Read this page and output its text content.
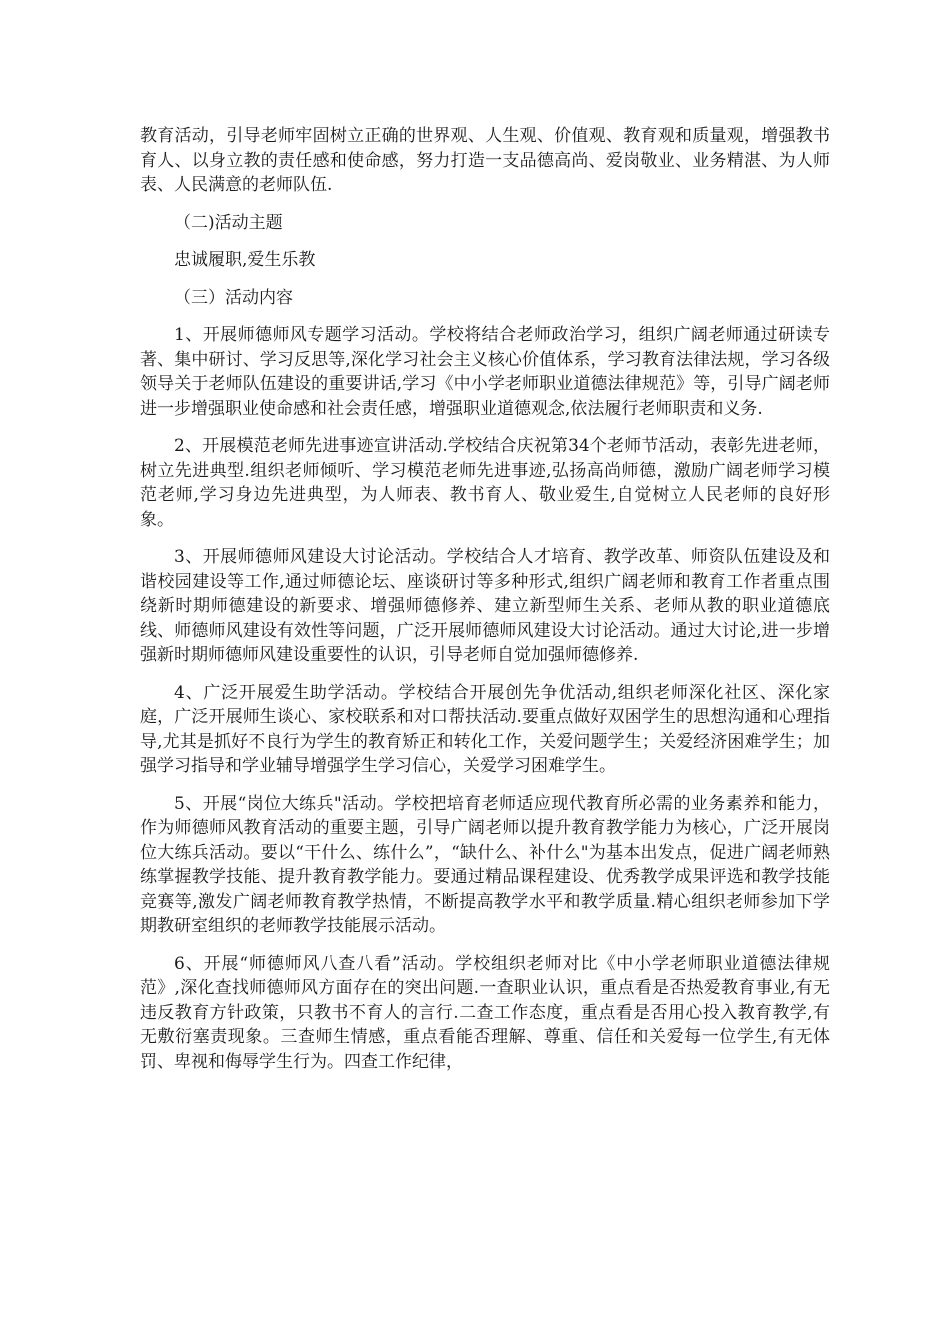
教育活动，引导老师牢固树立正确的世界观、人生观、价值观、教育观和质量观，增强教书育人、以身立教的责任感和使命感，努力打造一支品德高尚、爱岗敬业、业务精湛、为人师表、人民满意的老师队伍.

（二)活动主题

忠诚履职,爱生乐教

（三）活动内容

1、开展师德师风专题学习活动。学校将结合老师政治学习，组织广阔老师通过研读专著、集中研讨、学习反思等,深化学习社会主义核心价值体系，学习教育法律法规，学习各级领导关于老师队伍建设的重要讲话,学习《中小学老师职业道德法律规范》等，引导广阔老师进一步增强职业使命感和社会责任感，增强职业道德观念,依法履行老师职责和义务.

2、开展模范老师先进事迹宣讲活动.学校结合庆祝第34个老师节活动，表彰先进老师，树立先进典型.组织老师倾听、学习模范老师先进事迹,弘扬高尚师德，激励广阔老师学习模范老师,学习身边先进典型，为人师表、教书育人、敬业爱生,自觉树立人民老师的良好形象。

3、开展师德师风建设大讨论活动。学校结合人才培育、教学改革、师资队伍建设及和谐校园建设等工作,通过师德论坛、座谈研讨等多种形式,组织广阔老师和教育工作者重点围绕新时期师德建设的新要求、增强师德修养、建立新型师生关系、老师从教的职业道德底线、师德师风建设有效性等问题，广泛开展师德师风建设大讨论活动。通过大讨论,进一步增强新时期师德师风建设重要性的认识，引导老师自觉加强师德修养.

4、广泛开展爱生助学活动。学校结合开展创先争优活动,组织老师深化社区、深化家庭，广泛开展师生谈心、家校联系和对口帮扶活动.要重点做好双困学生的思想沟通和心理指导,尤其是抓好不良行为学生的教育矫正和转化工作，关爱问题学生；关爱经济困难学生；加强学习指导和学业辅导增强学生学习信心，关爱学习困难学生。

5、开展“岗位大练兵"活动。学校把培育老师适应现代教育所必需的业务素养和能力，作为师德师风教育活动的重要主题，引导广阔老师以提升教育教学能力为核心，广泛开展岗位大练兵活动。要以“干什么、练什么”，“缺什么、补什么"为基本出发点，促进广阔老师熟练掌握教学技能、提升教育教学能力。要通过精品课程建设、优秀教学成果评选和教学技能竞赛等,激发广阔老师教育教学热情，不断提高教学水平和教学质量.精心组织老师参加下学期教研室组织的老师教学技能展示活动。

6、开展“师德师风八查八看”活动。学校组织老师对比《中小学老师职业道德法律规范》,深化查找师德师风方面存在的突出问题.一查职业认识，重点看是否热爱教育事业,有无违反教育方针政策，只教书不育人的言行.二查工作态度，重点看是否用心投入教育教学,有无敷衍塞责现象。三查师生情感，重点看能否理解、尊重、信任和关爱每一位学生,有无体罚、卑视和侮辱学生行为。四查工作纪律，
